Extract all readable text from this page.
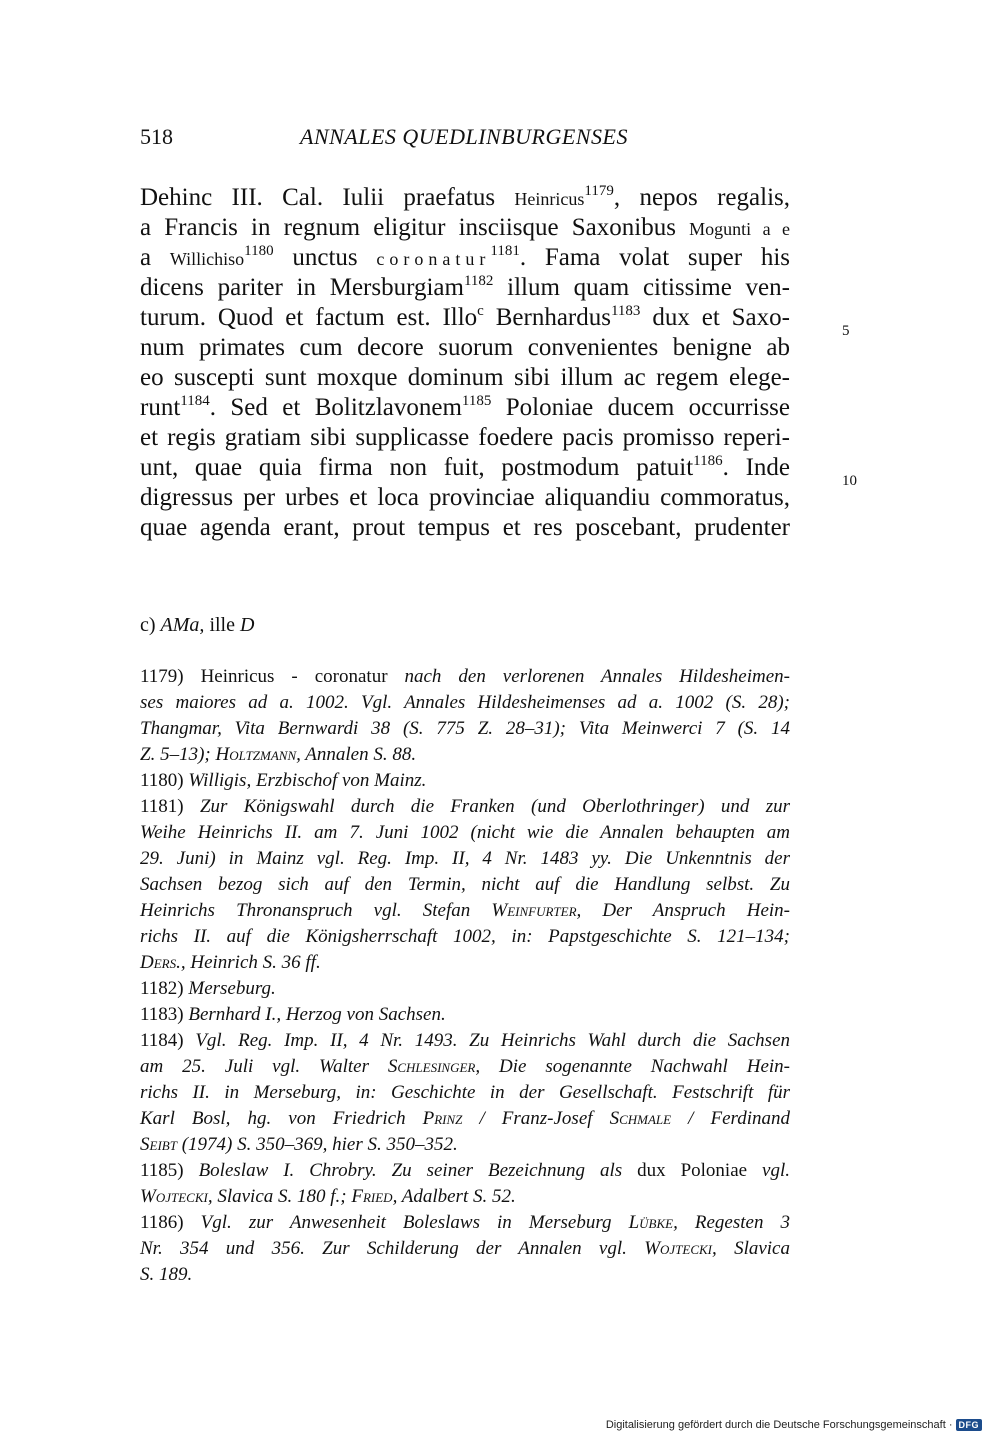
518	ANNALES QUEDLINBURGENSES
Dehinc III. Cal. Iulii praefatus Heinricus$^{1179}$, nepos regalis,
a Francis in regnum eligitur insciisque Saxonibus Mogunti a e
a Willichiso$^{1180}$ unctus coronatur$^{1181}$. Fama volat super his
dicens pariter in Mersburgiam$^{1182}$ illum quam citissime ven-
turum. Quod et factum est. Illo$^c$ Bernhardus$^{1183}$ dux et Saxo-
num primates cum decore suorum convenientes benigne ab
eo suscepti sunt moxque dominum sibi illum ac regem elege-
runt$^{1184}$. Sed et Bolitzlavonem$^{1185}$ Poloniae ducem occurrisse
et regis gratiam sibi supplicasse foedere pacis promisso reperi-
unt, quae quia firma non fuit, postmodum patuit$^{1186}$. Inde
digressus per urbes et loca provinciae aliquandiu commoratus,
quae agenda erant, prout tempus et res poscebant, prudenter
5
10
c) AMa, ille D
1179) Heinricus - coronatur nach den verlorenen Annales Hildesheimen-
ses maiores ad a. 1002. Vgl. Annales Hildesheimenses ad a. 1002 (S. 28);
Thangmar, Vita Bernwardi 38 (S. 775 Z. 28–31); Vita Meinwerci 7 (S. 14
Z. 5–13); Holtzmann, Annalen S. 88.
1180) Willigis, Erzbischof von Mainz.
1181) Zur Königswahl durch die Franken (und Oberlothringer) und zur
Weihe Heinrichs II. am 7. Juni 1002 (nicht wie die Annalen behaupten am
29. Juni) in Mainz vgl. Reg. Imp. II, 4 Nr. 1483 yy. Die Unkenntnis der
Sachsen bezog sich auf den Termin, nicht auf die Handlung selbst. Zu
Heinrichs Thronanspruch vgl. Stefan Weinfurter, Der Anspruch Hein-
richs II. auf die Königsherrschaft 1002, in: Papstgeschichte S. 121–134;
Ders., Heinrich S. 36 ff.
1182) Merseburg.
1183) Bernhard I., Herzog von Sachsen.
1184) Vgl. Reg. Imp. II, 4 Nr. 1493. Zu Heinrichs Wahl durch die Sachsen
am 25. Juli vgl. Walter Schlesinger, Die sogenannte Nachwahl Hein-
richs II. in Merseburg, in: Geschichte in der Gesellschaft. Festschrift für
Karl Bosl, hg. von Friedrich Prinz / Franz-Josef Schmale / Ferdinand
Seibt (1974) S. 350–369, hier S. 350–352.
1185) Boleslaw I. Chrobry. Zu seiner Bezeichnung als dux Poloniae vgl.
Wojtecki, Slavica S. 180 f.; Fried, Adalbert S. 52.
1186) Vgl. zur Anwesenheit Boleslaws in Merseburg Lübke, Regesten 3
Nr. 354 und 356. Zur Schilderung der Annalen vgl. Wojtecki, Slavica
S. 189.
Digitalisierung gefördert durch die Deutsche Forschungsgemeinschaft · DFG
